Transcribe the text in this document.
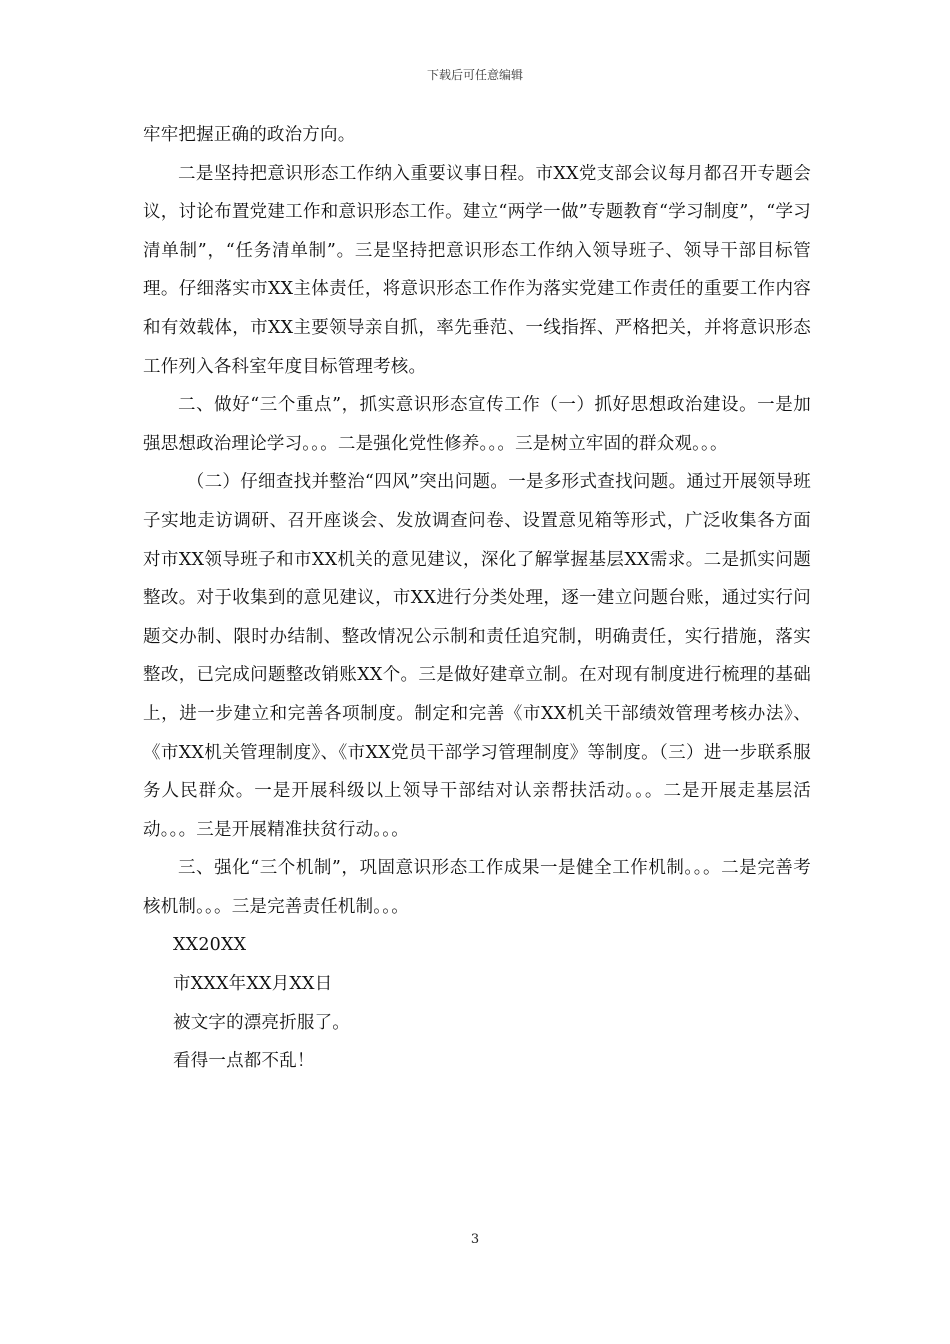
下载后可任意编辑

牢牢把握正确的政治方向。

二是坚持把意识形态工作纳入重要议事日程。市XX党支部会议每月都召开专题会议，讨论布置党建工作和意识形态工作。建立“两学一做”专题教育“学习制度”，“学习清单制”，“任务清单制”。三是坚持把意识形态工作纳入领导班子、领导干部目标管理。仔细落实市XX主体责任，将意识形态工作作为落实党建工作责任的重要工作内容和有效载体，市XX主要领导亲自抓，率先垂范、一线指挥、严格把关，并将意识形态工作列入各科室年度目标管理考核。

二、做好“三个重点”，抓实意识形态宣传工作（一）抓好思想政治建设。一是加强思想政治理论学习。。。二是强化党性修养。。。三是树立牢固的群众观。。。

（二）仔细查找并整治“四风”突出问题。一是多形式查找问题。通过开展领导班子实地走访调研、召开座谈会、发放调查问卷、设置意见箱等形式，广泛收集各方面对市XX领导班子和市XX机关的意见建议，深化了解掌握基层XX需求。二是抓实问题整改。对于收集到的意见建议，市XX进行分类处理，逐一建立问题台账，通过实行问题交办制、限时办结制、整改情况公示制和责任追究制，明确责任，实行措施，落实整改，已完成问题整改销账XX个。三是做好建章立制。在对现有制度进行梳理的基础上，进一步建立和完善各项制度。制定和完善《市XX机关干部绩效管理考核办法》、《市XX机关管理制度》、《市XX党员干部学习管理制度》等制度。（三）进一步联系服务人民群众。一是开展科级以上领导干部结对认亲帮扶活动。。。二是开展走基层活动。。。三是开展精准扶贫行动。。。

三、强化“三个机制”，巩固意识形态工作成果一是健全工作机制。。。二是完善考核机制。。。三是完善责任机制。。。

XX20XX

市XXX年XX月XX日

被文字的漂亮折服了。

看得一点都不乱！

3
